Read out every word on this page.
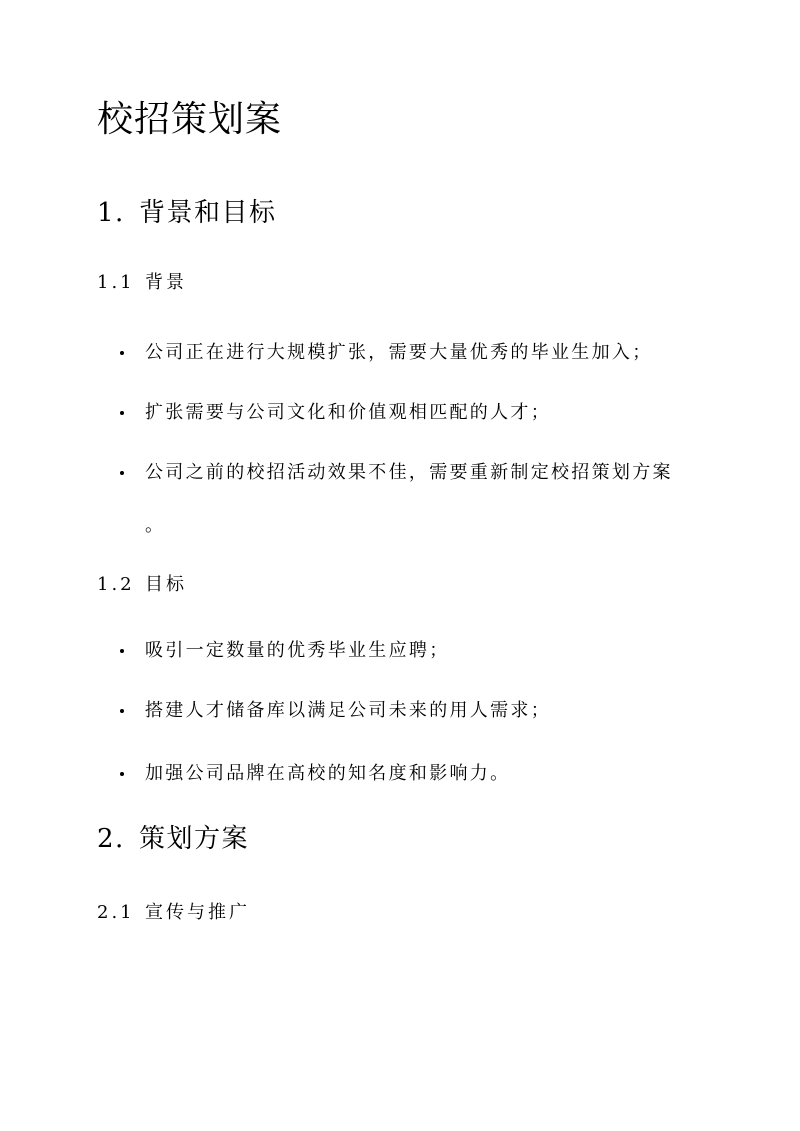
校招策划案
1. 背景和目标
1.1 背景
公司正在进行大规模扩张，需要大量优秀的毕业生加入；
扩张需要与公司文化和价值观相匹配的人才；
公司之前的校招活动效果不佳，需要重新制定校招策划方案
。
1.2 目标
吸引一定数量的优秀毕业生应聘；
搭建人才储备库以满足公司未来的用人需求；
加强公司品牌在高校的知名度和影响力。
2. 策划方案
2.1 宣传与推广
